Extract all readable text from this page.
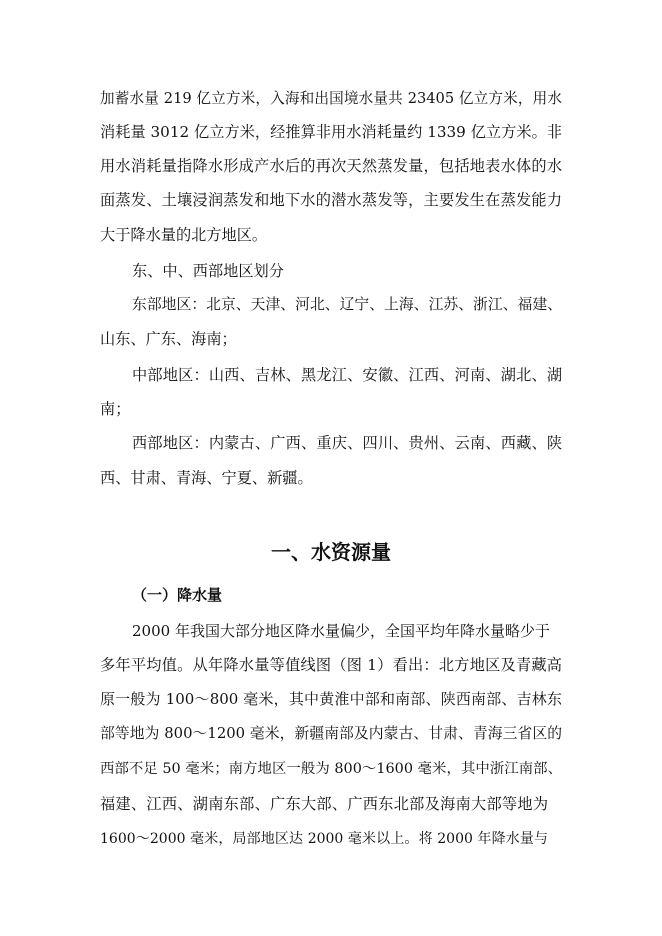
加蓄水量 219 亿立方米，入海和出国境水量共 23405 亿立方米，用水
消耗量 3012 亿立方米，经推算非用水消耗量约 1339 亿立方米。非
用水消耗量指降水形成产水后的再次天然蒸发量，包括地表水体的水
面蒸发、土壤浸润蒸发和地下水的潜水蒸发等，主要发生在蒸发能力
大于降水量的北方地区。
东、中、西部地区划分
东部地区：北京、天津、河北、辽宁、上海、江苏、浙江、福建、
山东、广东、海南；
中部地区：山西、吉林、黑龙江、安徽、江西、河南、湖北、湖
南；
西部地区：内蒙古、广西、重庆、四川、贵州、云南、西藏、陕
西、甘肃、青海、宁夏、新疆。
一、水资源量
（一）降水量
2000 年我国大部分地区降水量偏少，全国平均年降水量略少于
多年平均值。从年降水量等值线图（图 1）看出：北方地区及青藏高
原一般为 100～800 毫米，其中黄淮中部和南部、陕西南部、吉林东
部等地为 800～1200 毫米，新疆南部及内蒙古、甘肃、青海三省区的
西部不足 50 毫米；南方地区一般为 800～1600 毫米，其中浙江南部、
福建、江西、湖南东部、广东大部、广西东北部及海南大部等地为
1600～2000 毫米，局部地区达 2000 毫米以上。将 2000 年降水量与
